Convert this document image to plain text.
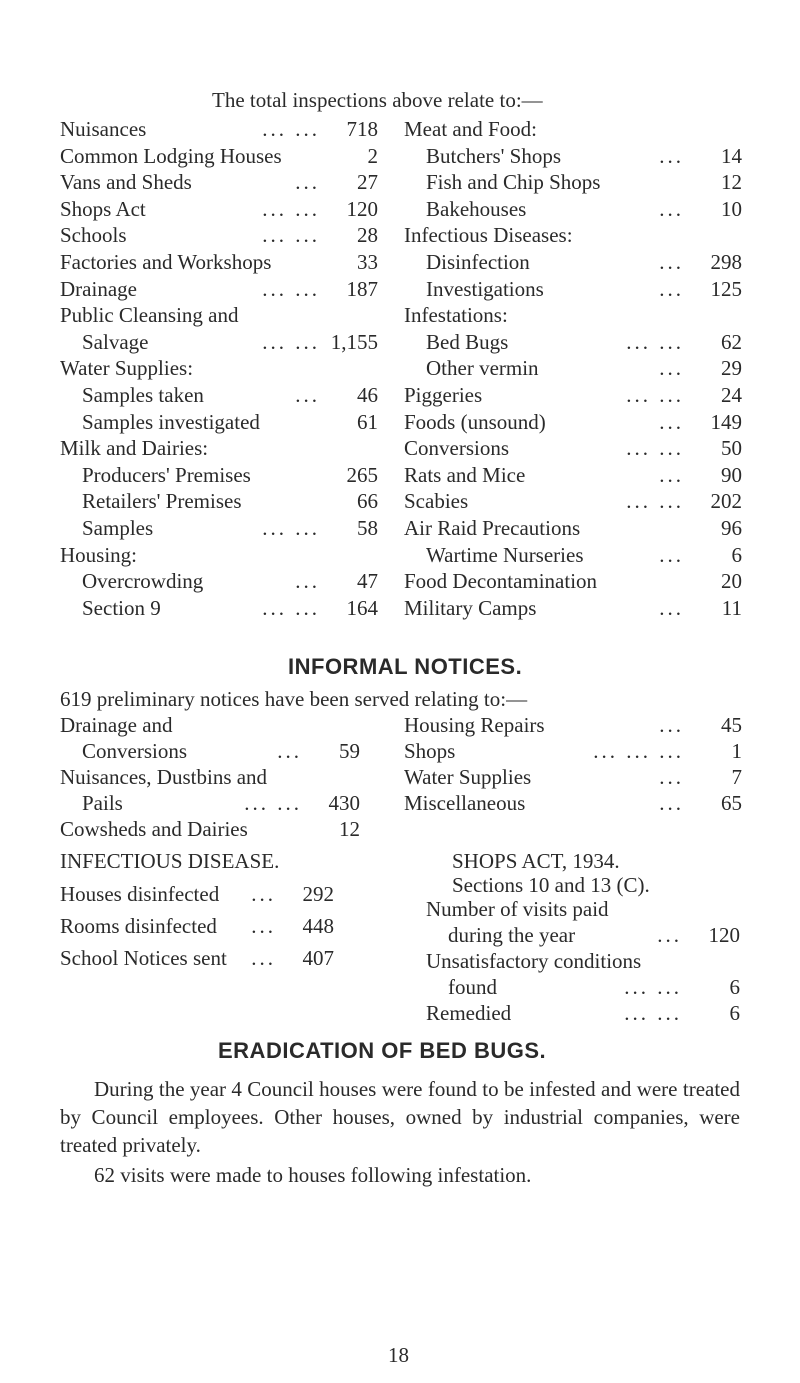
The total inspections above relate to:—
Nuisances	... ... 718
Common Lodging Houses	2
Vans and Sheds	... 27
Shops Act	... ... 120
Schools	... ... 28
Factories and Workshops	33
Drainage	... ... 187
Public Cleansing and
Salvage	... ... 1,155
Water Supplies:
Samples taken	... 46
Samples investigated	61
Milk and Dairies:
Producers' Premises	265
Retailers' Premises	66
Samples	... ... 58
Housing:
Overcrowding	... 47
Section 9	... ... 164
Meat and Food:
Butchers' Shops	... 14
Fish and Chip Shops	12
Bakehouses	... 10
Infectious Diseases:
Disinfection	... 298
Investigations	... 125
Infestations:
Bed Bugs	... ... 62
Other vermin	... 29
Piggeries	... ... 24
Foods (unsound)	... 149
Conversions	... ... 50
Rats and Mice	... 90
Scabies	... ... 202
Air Raid Precautions	96
Wartime Nurseries	... 6
Food Decontamination	20
Military Camps	... 11
INFORMAL NOTICES.
619 preliminary notices have been served relating to:—
Drainage and
Conversions	... 59
Nuisances, Dustbins and
Pails	... ... 430
Cowsheds and Dairies	12
Housing Repairs	... 45
Shops	... ... ... 1
Water Supplies	... 7
Miscellaneous	... 65
INFECTIOUS DISEASE.
Houses disinfected ... 292
Rooms disinfected ... 448
School Notices sent ... 407
SHOPS ACT, 1934.
Sections 10 and 13 (C).
Number of visits paid
during the year	... 120
Unsatisfactory conditions
found	... ... 6
Remedied	... ... 6
ERADICATION OF BED BUGS.
During the year 4 Council houses were found to be infested and were treated by Council employees. Other houses, owned by industrial companies, were treated privately.
62 visits were made to houses following infestation.
18
